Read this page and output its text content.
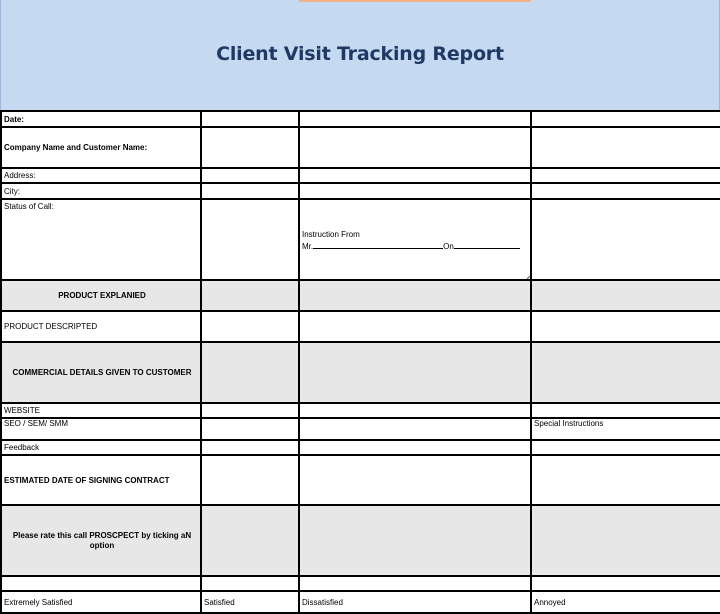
Client Visit Tracking Report
Date:			
Company Name and Customer Name:			
Address:			
City:			
Status of Call:		Instruction From
Mr. On	

PRODUCT EXPLANIED			
PRODUCT DESCRIPTED			
COMMERCIAL DETAILS GIVEN TO CUSTOMER			
WEBSITE			
SEO / SEM/ SMM			Special Instructions
Feedback			
ESTIMATED DATE OF SIGNING CONTRACT			
Please rate this call PROSCPECT by ticking aN option			

Extremely Satisfied	Satisfied	Dissatisfied	Annoyed
